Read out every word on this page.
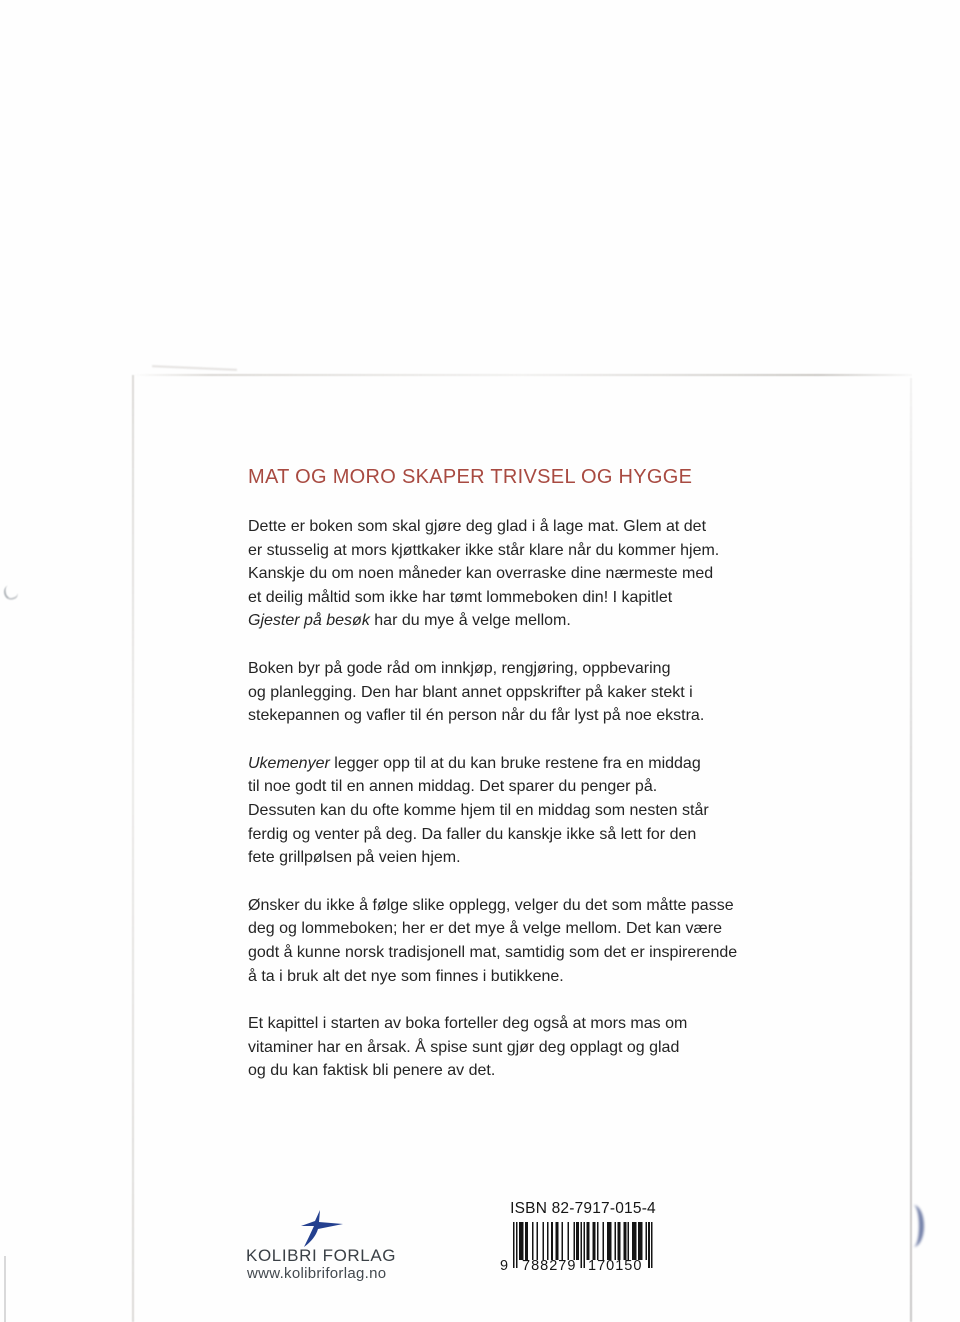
MAT OG MORO SKAPER TRIVSEL OG HYGGE
Dette er boken som skal gjøre deg glad i å lage mat. Glem at det
er stusselig at mors kjøttkaker ikke står klare når du kommer hjem.
Kanskje du om noen måneder kan overraske dine nærmeste med
et deilig måltid som ikke har tømt lommeboken din! I kapitlet
Gjester på besøk har du mye å velge mellom.
Boken byr på gode råd om innkjøp, rengjøring, oppbevaring
og planlegging. Den har blant annet oppskrifter på kaker stekt i
stekepannen og vafler til én person når du får lyst på noe ekstra.
Ukemenyer legger opp til at du kan bruke restene fra en middag
til noe godt til en annen middag. Det sparer du penger på.
Dessuten kan du ofte komme hjem til en middag som nesten står
ferdig og venter på deg. Da faller du kanskje ikke så lett for den
fete grillpølsen på veien hjem.
Ønsker du ikke å følge slike opplegg, velger du det som måtte passe
deg og lommeboken; her er det mye å velge mellom. Det kan være
godt å kunne norsk tradisjonell mat, samtidig som det er inspirerende
å ta i bruk alt det nye som finnes i butikkene.
Et kapittel i starten av boka forteller deg også at mors mas om
vitaminer har en årsak. Å spise sunt gjør deg opplagt og glad
og du kan faktisk bli penere av det.
KOLIBRI FORLAG
www.kolibriforlag.no
ISBN 82-7917-015-4
9 788279 170150
